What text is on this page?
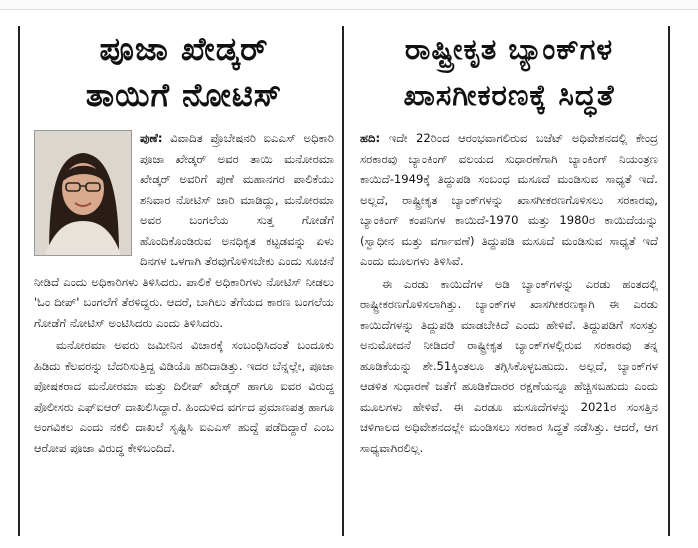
ಪೂಜಾ ಖೇಡ್ಕರ್
ತಾಯಿಗೆ ನೋಟಿಸ್

ಪುಣೆ: ವಿವಾದಿತ ಪ್ರೊಬೇಷನರಿ ಐಎಎಸ್ ಅಧಿಕಾರಿ ಪೂಜಾ ಖೇಡ್ಕರ್ ಅವರ ತಾಯಿ ಮನೋರಮಾ ಖೇಡ್ಕರ್ ಅವರಿಗೆ ಪುಣೆ ಮಹಾನಗರ ಪಾಲಿಕೆಯು ಶನಿವಾರ ನೋಟಿಸ್ ಜಾರಿ ಮಾಡಿದ್ದು, ಮನೋರಮಾ ಅವರ ಬಂಗಲೆಯ ಸುತ್ತ ಗೋಡೆಗೆ ಹೊಂದಿಕೊಂಡಿರುವ ಅನಧಿಕೃತ ಕಟ್ಟಡವನ್ನು ಏಳು ದಿನಗಳ ಒಳಗಾಗಿ ತೆರವುಗೊಳಿಸಬೇಕು ಎಂದು ಸೂಚನೆ ನೀಡಿದೆ ಎಂದು ಅಧಿಕಾರಿಗಳು ತಿಳಿಸಿದರು. ಪಾಲಿಕೆ ಅಧಿಕಾರಿಗಳು ನೋಟಿಸ್ ನೀಡಲು 'ಓಂ ದೀಪ್' ಬಂಗಲೆಗೆ ತೆರಳಿದ್ದರು. ಆದರೆ, ಬಾಗಿಲು ತೆಗೆಯದ ಕಾರಣ ಬಂಗಲೆಯ ಗೋಡೆಗೆ ನೋಟಿಸ್ ಅಂಟಿಸಿದರು ಎಂದು ತಿಳಿಸಿದರು.

ಮನೋರಮಾ ಅವರು ಜಮೀನಿನ ವಿಚಾರಕ್ಕೆ ಸಂಬಂಧಿಸಿದಂತೆ ಬಂದೂಕು ಹಿಡಿದು ಕೆಲವರನ್ನು ಬೆದರಿಸುತ್ತಿದ್ದ ವಿಡಿಯೊ ಹರಿದಾಡಿತ್ತು. ಇದರ ಬೆನ್ನಲ್ಲೇ, ಪೂಜಾ ಪೋಷಕರಾದ ಮನೋರಮಾ ಮತ್ತು ದಿಲೀಪ್ ಖೇಡ್ಕರ್ ಹಾಗೂ ಐವರ ವಿರುದ್ಧ ಪೊಲೀಸರು ಎಫ್‌ಐಆರ್ ದಾಖಲಿಸಿದ್ದಾರೆ. ಹಿಂದುಳಿದ ವರ್ಗದ ಪ್ರಮಾಣಪತ್ರ ಹಾಗೂ ಅಂಗವಿಕಲ ಎಂದು ನಕಲಿ ದಾಖಲೆ ಸೃಷ್ಟಿಸಿ ಐಎಎಸ್ ಹುದ್ದೆ ಪಡೆದಿದ್ದಾರೆ ಎಂಬ ಆರೋಪ ಪೂಜಾ ವಿರುದ್ಧ ಕೇಳಿಬಂದಿದೆ.

ರಾಷ್ಟ್ರೀಕೃತ ಬ್ಯಾಂಕ್‌ಗಳ
ಖಾಸಗೀಕರಣಕ್ಕೆ ಸಿದ್ಧತೆ

ಹದಿ: ಇದೇ 22ರಿಂದ ಆರಂಭವಾಗಲಿರುವ ಬಜೆಟ್ ಅಧಿವೇಶನದಲ್ಲಿ ಕೇಂದ್ರ ಸರಕಾರವು ಬ್ಯಾಂಕಿಂಗ್ ವಲಯದ ಸುಧಾರಣೆಗಾಗಿ ಬ್ಯಾಂಕಿಂಗ್ ನಿಯಂತ್ರಣ ಕಾಯಿದೆ-1949ಕ್ಕೆ ತಿದ್ದುಪಡಿ ಸಂಬಂಧ ಮಸೂದೆ ಮಂಡಿಸುವ ಸಾಧ್ಯತೆ ಇದೆ. ಅಲ್ಲದೆ, ರಾಷ್ಟ್ರೀಕೃತ ಬ್ಯಾಂಕ್‌ಗಳನ್ನು ಖಾಸಗೀಕರಣಗೊಳಿಸಲು ಸರಕಾರವು, ಬ್ಯಾಂಕಿಂಗ್ ಕಂಪನಿಗಳ ಕಾಯಿದೆ-1970 ಮತ್ತು 1980ರ ಕಾಯಿದೆಯನ್ನು (ಸ್ವಾಧೀನ ಮತ್ತು ವರ್ಗಾವಣೆ) ತಿದ್ದುಪಡಿ ಮಸೂದೆ ಮಂಡಿಸುವ ಸಾಧ್ಯತೆ ಇದೆ ಎಂದು ಮೂಲಗಳು ತಿಳಿಸಿವೆ.

ಈ ಎರಡು ಕಾಯಿದೆಗಳ ಅಡಿ ಬ್ಯಾಂಕ್‌ಗಳನ್ನು ಎರಡು ಹಂತದಲ್ಲಿ ರಾಷ್ಟ್ರೀಕರಣಗೊಳಿಸಲಾಗಿತ್ತು. ಬ್ಯಾಂಕ್‌ಗಳ ಖಾಸಗೀಕರಣಕ್ಕಾಗಿ ಈ ಎರಡು ಕಾಯಿದೆಗಳನ್ನು ತಿದ್ದುಪಡಿ ಮಾಡಬೇಕಿದೆ ಎಂದು ಹೇಳಿವೆ. ತಿದ್ದುಪಡಿಗೆ ಸಂಸತ್ತು ಅನುಮೋದನೆ ನೀಡಿದರೆ ರಾಷ್ಟ್ರೀಕೃತ ಬ್ಯಾಂಕ್‌ಗಳಲ್ಲಿರುವ ಸರಕಾರವು ತನ್ನ ಹೂಡಿಕೆಯನ್ನು ಶೇ.51ಕ್ಕಿಂತಲೂ ತಗ್ಗಿಸಿಕೊಳ್ಳಬಹುದು. ಅಲ್ಲದೆ, ಬ್ಯಾಂಕ್‌ಗಳ ಆಡಳಿತ ಸುಧಾರಣೆ ಜತೆಗೆ ಹೂಡಿಕೆದಾರರ ರಕ್ಷಣೆಯನ್ನೂ ಹೆಚ್ಚಿಸಬಹುದು ಎಂದು ಮೂಲಗಳು ಹೇಳಿವೆ. ಈ ಎರಡೂ ಮಸೂದೆಗಳನ್ನು 2021ರ ಸಂಸತ್ತಿನ ಚಳಿಗಾಲದ ಅಧಿವೇಶನದಲ್ಲೇ ಮಂಡಿಸಲು ಸರಕಾರ ಸಿದ್ಧತೆ ನಡೆಸಿತ್ತು. ಆದರೆ, ಆಗ ಸಾಧ್ಯವಾಗಿರಲಿಲ್ಲ.
